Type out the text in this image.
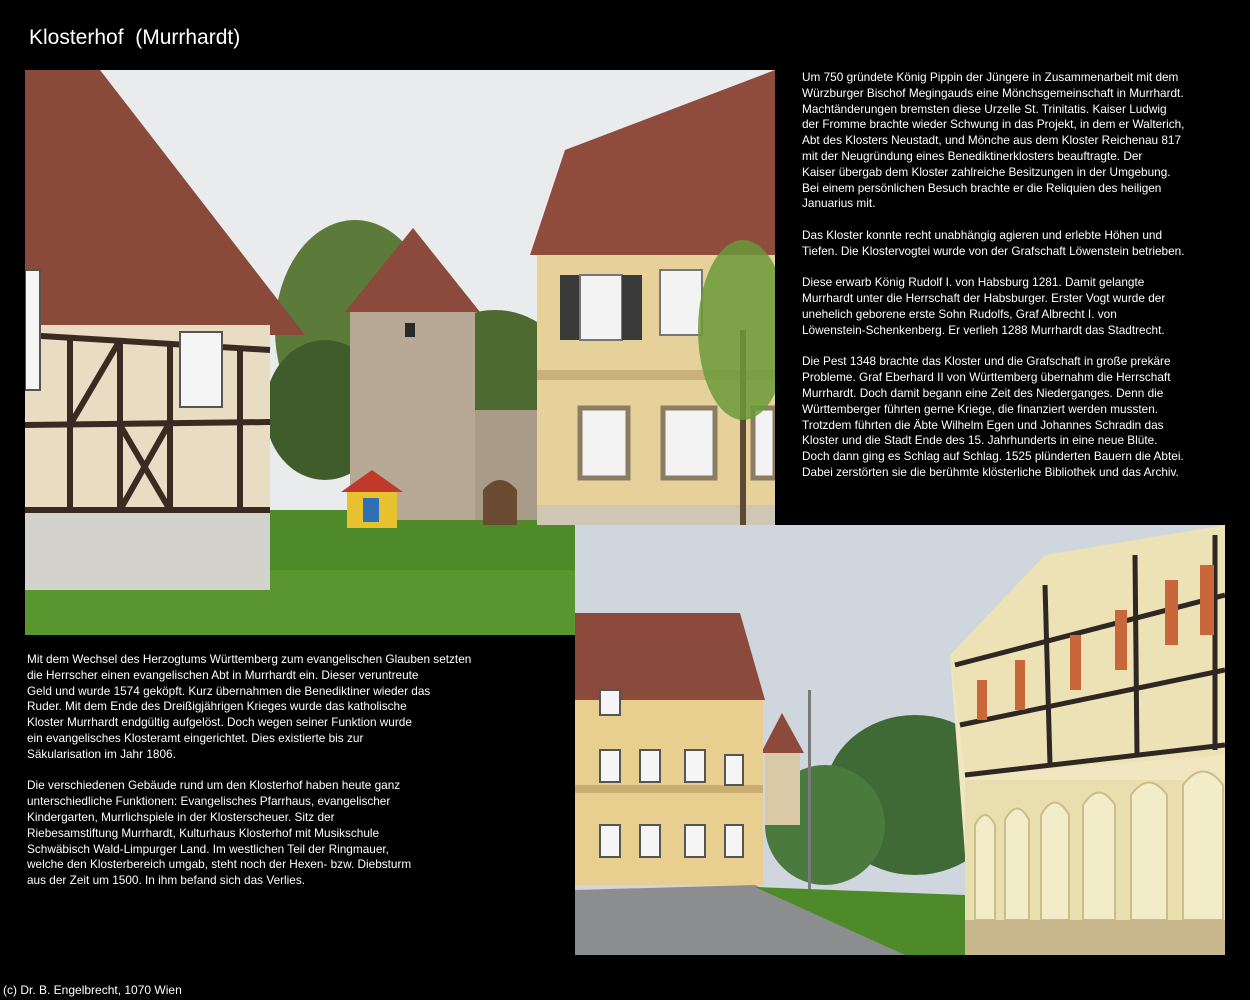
Klosterhof  (Murrhardt)

Um 750 gründete König Pippin der Jüngere in Zusammenarbeit mit dem
Würzburger Bischof Megingauds eine Mönchsgemeinschaft in Murrhardt.
Machtänderungen bremsten diese Urzelle St. Trinitatis. Kaiser Ludwig
der Fromme brachte wieder Schwung in das Projekt, in dem er Walterich,
Abt des Klosters Neustadt, und Mönche aus dem Kloster Reichenau 817
mit der Neugründung eines Benediktinerklosters beauftragte. Der
Kaiser übergab dem Kloster zahlreiche Besitzungen in der Umgebung.
Bei einem persönlichen Besuch brachte er die Reliquien des heiligen
Januarius mit.

Das Kloster konnte recht unabhängig agieren und erlebte Höhen und
Tiefen. Die Klostervogtei wurde von der Grafschaft Löwenstein betrieben.

Diese erwarb König Rudolf I. von Habsburg 1281. Damit gelangte
Murrhardt unter die Herrschaft der Habsburger. Erster Vogt wurde der
unehelich geborene erste Sohn Rudolfs, Graf Albrecht I. von
Löwenstein-Schenkenberg. Er verlieh 1288 Murrhardt das Stadtrecht.

Die Pest 1348 brachte das Kloster und die Grafschaft in große prekäre
Probleme. Graf Eberhard II von Württemberg übernahm die Herrschaft
Murrhardt. Doch damit begann eine Zeit des Niederganges. Denn die
Württemberger führten gerne Kriege, die finanziert werden mussten.
Trotzdem führten die Äbte Wilhelm Egen und Johannes Schradin das
Kloster und die Stadt Ende des 15. Jahrhunderts in eine neue Blüte.
Doch dann ging es Schlag auf Schlag. 1525 plünderten Bauern die Abtei.
Dabei zerstörten sie die berühmte klösterliche Bibliothek und das Archiv.

Mit dem Wechsel des Herzogtums Württemberg zum evangelischen Glauben setzten
die Herrscher einen evangelischen Abt in Murrhardt ein. Dieser veruntreute
Geld und wurde 1574 geköpft. Kurz übernahmen die Benediktiner wieder das
Ruder. Mit dem Ende des Dreißigjährigen Krieges wurde das katholische
Kloster Murrhardt endgültig aufgelöst. Doch wegen seiner Funktion wurde
ein evangelisches Klosteramt eingerichtet. Dies existierte bis zur
Säkularisation im Jahr 1806.

Die verschiedenen Gebäude rund um den Klosterhof haben heute ganz
unterschiedliche Funktionen: Evangelisches Pfarrhaus, evangelischer
Kindergarten, Murrlichspiele in der Klosterscheuer. Sitz der
Riebesamstiftung Murrhardt, Kulturhaus Klosterhof mit Musikschule
Schwäbisch Wald-Limpurger Land. Im westlichen Teil der Ringmauer,
welche den Klosterbereich umgab, steht noch der Hexen- bzw. Diebsturm
aus der Zeit um 1500. In ihm befand sich das Verlies.

(c) Dr. B. Engelbrecht, 1070 Wien
